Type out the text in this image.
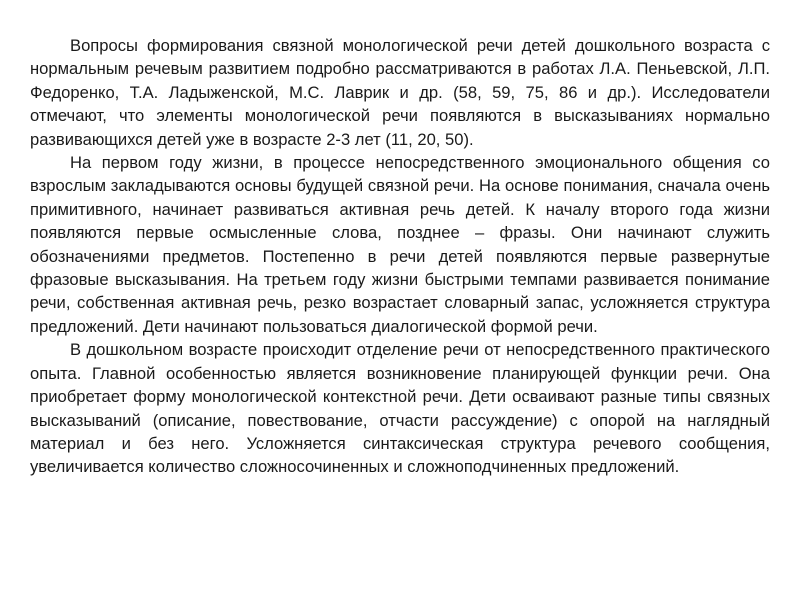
Вопросы формирования связной монологической речи детей дошкольного возраста с нормальным речевым развитием подробно рассматриваются в работах Л.А. Пеньевской, Л.П. Федоренко, Т.А. Ладыженской, М.С. Лаврик и др. (58, 59, 75, 86 и др.). Исследователи отмечают, что элементы монологической речи появляются в высказываниях нормально развивающихся детей уже в возрасте 2-3 лет (11, 20, 50).

На первом году жизни, в процессе непосредственного эмоционального общения со взрослым закладываются основы будущей связной речи. На основе понимания, сначала очень примитивного, начинает развиваться активная речь детей. К началу второго года жизни появляются первые осмысленные слова, позднее – фразы. Они начинают служить обозначениями предметов. Постепенно в речи детей появляются первые развернутые фразовые высказывания. На третьем году жизни быстрыми темпами развивается понимание речи, собственная активная речь, резко возрастает словарный запас, усложняется структура предложений. Дети начинают пользоваться диалогической формой речи.

В дошкольном возрасте происходит отделение речи от непосредственного практического опыта. Главной особенностью является возникновение планирующей функции речи. Она приобретает форму монологической контекстной речи. Дети осваивают разные типы связных высказываний (описание, повествование, отчасти рассуждение) с опорой на наглядный материал и без него. Усложняется синтаксическая структура речевого сообщения, увеличивается количество сложносочиненных и сложноподчиненных предложений.
